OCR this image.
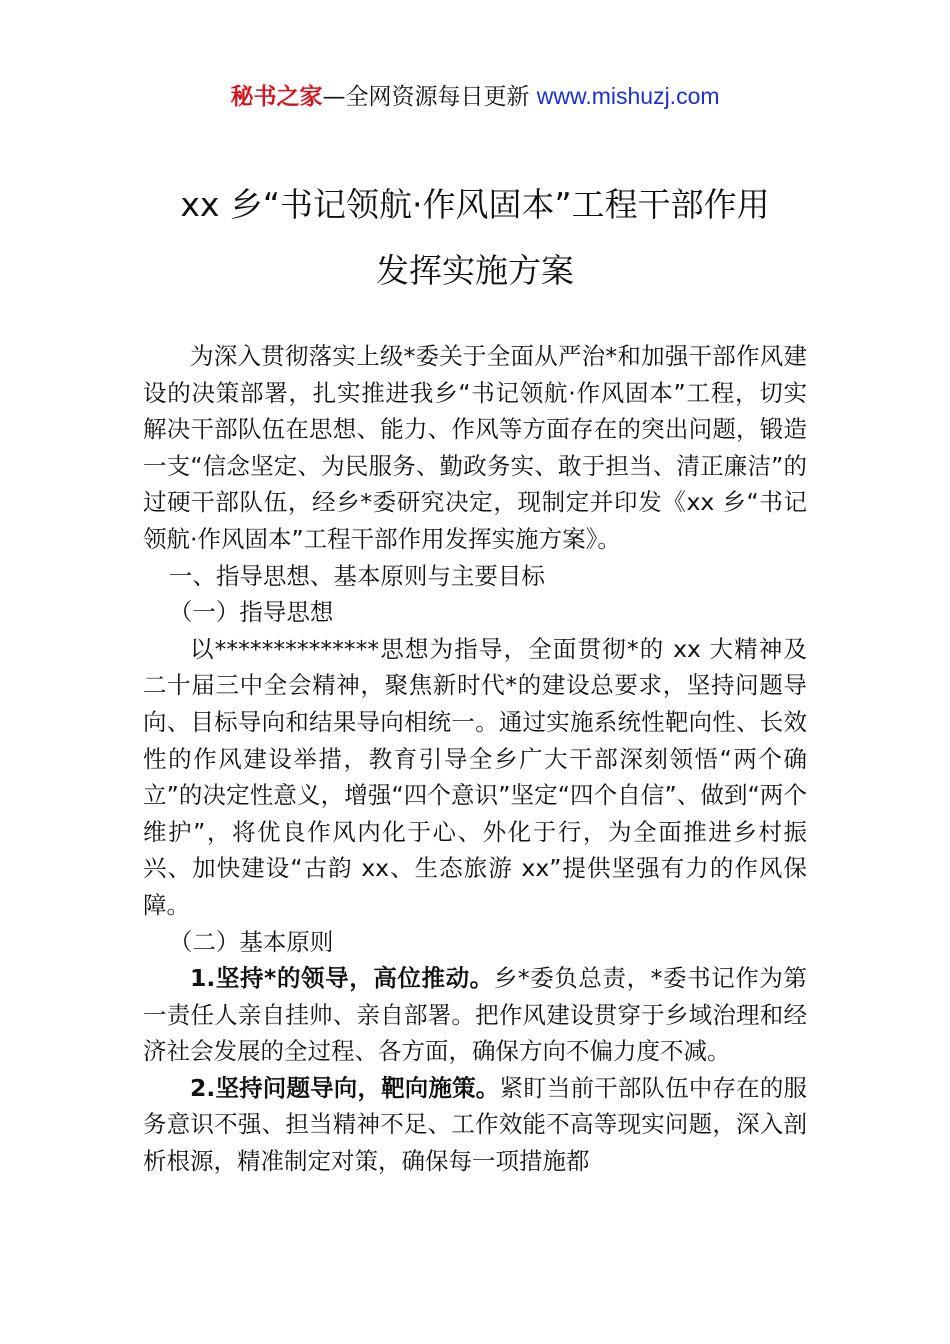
秘书之家—全网资源每日更新 www.mishuzj.com
xx 乡“书记领航·作风固本”工程干部作用
发挥实施方案

为深入贯彻落实上级*委关于全面从严治*和加强干部作风建设的决策部署，扎实推进我乡“书记领航·作风固本”工程，切实解决干部队伍在思想、能力、作风等方面存在的突出问题，锻造一支“信念坚定、为民服务、勤政务实、敢于担当、清正廉洁”的过硬干部队伍，经乡*委研究决定，现制定并印发《xx 乡“书记领航·作风固本”工程干部作用发挥实施方案》。

一、指导思想、基本原则与主要目标

（一）指导思想

以**************思想为指导，全面贯彻*的 xx 大精神及二十届三中全会精神，聚焦新时代*的建设总要求，坚持问题导向、目标导向和结果导向相统一。通过实施系统性靶向性、长效性的作风建设举措，教育引导全乡广大干部深刻领悟“两个确立”的决定性意义，增强“四个意识”坚定“四个自信”、做到“两个维护”，将优良作风内化于心、外化于行，为全面推进乡村振兴、加快建设“古韵 xx、生态旅游 xx”提供坚强有力的作风保障。

（二）基本原则

1.坚持*的领导，高位推动。乡*委负总责，*委书记作为第一责任人亲自挂帅、亲自部署。把作风建设贯穿于乡域治理和经济社会发展的全过程、各方面，确保方向不偏力度不减。

2.坚持问题导向，靶向施策。紧盯当前干部队伍中存在的服务意识不强、担当精神不足、工作效能不高等现实问题，深入剖析根源，精准制定对策，确保每一项措施都
